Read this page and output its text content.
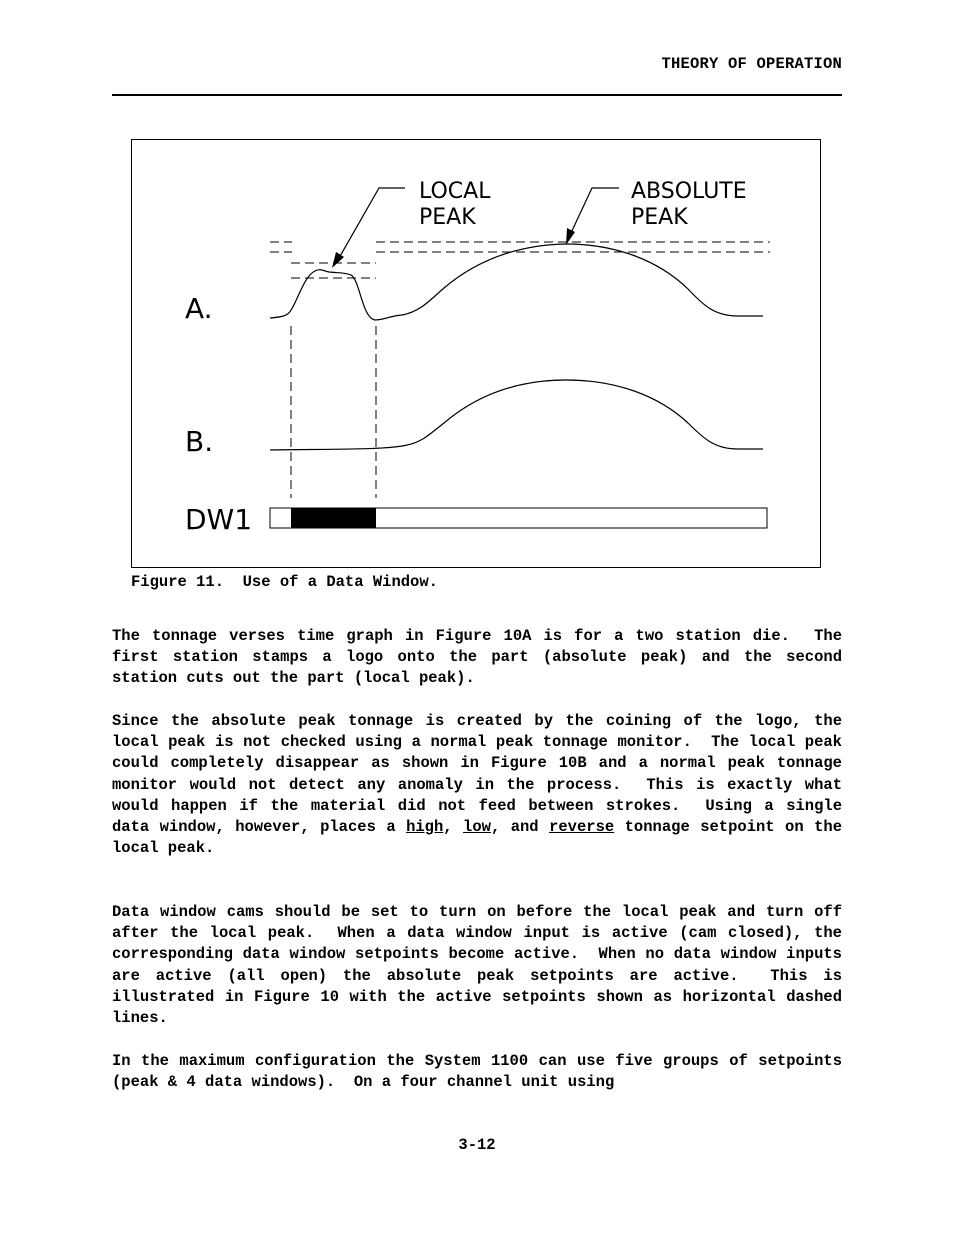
THEORY OF OPERATION
LOCAL
PEAK
ABSOLUTE
PEAK
A.
B.
DW1
Figure 11.  Use of a Data Window.
The tonnage verses time graph in Figure 10A is for a two station die.  The first station stamps a logo onto the part (absolute peak) and the second station cuts out the part (local peak).
Since the absolute peak tonnage is created by the coining of the logo, the local peak is not checked using a normal peak tonnage monitor.  The local peak could completely disappear as shown in Figure 10B and a normal peak tonnage monitor would not detect any anomaly in the process.  This is exactly what would happen if the material did not feed between strokes.  Using a single data window, however, places a high, low, and reverse tonnage setpoint on the local peak.
Data window cams should be set to turn on before the local peak and turn off after the local peak.  When a data window input is active (cam closed), the corresponding data window setpoints become active.  When no data window inputs are active (all open) the absolute peak setpoints are active.  This is illustrated in Figure 10 with the active setpoints shown as horizontal dashed lines.
In the maximum configuration the System 1100 can use five groups of setpoints (peak & 4 data windows).  On a four channel unit using
3-12
